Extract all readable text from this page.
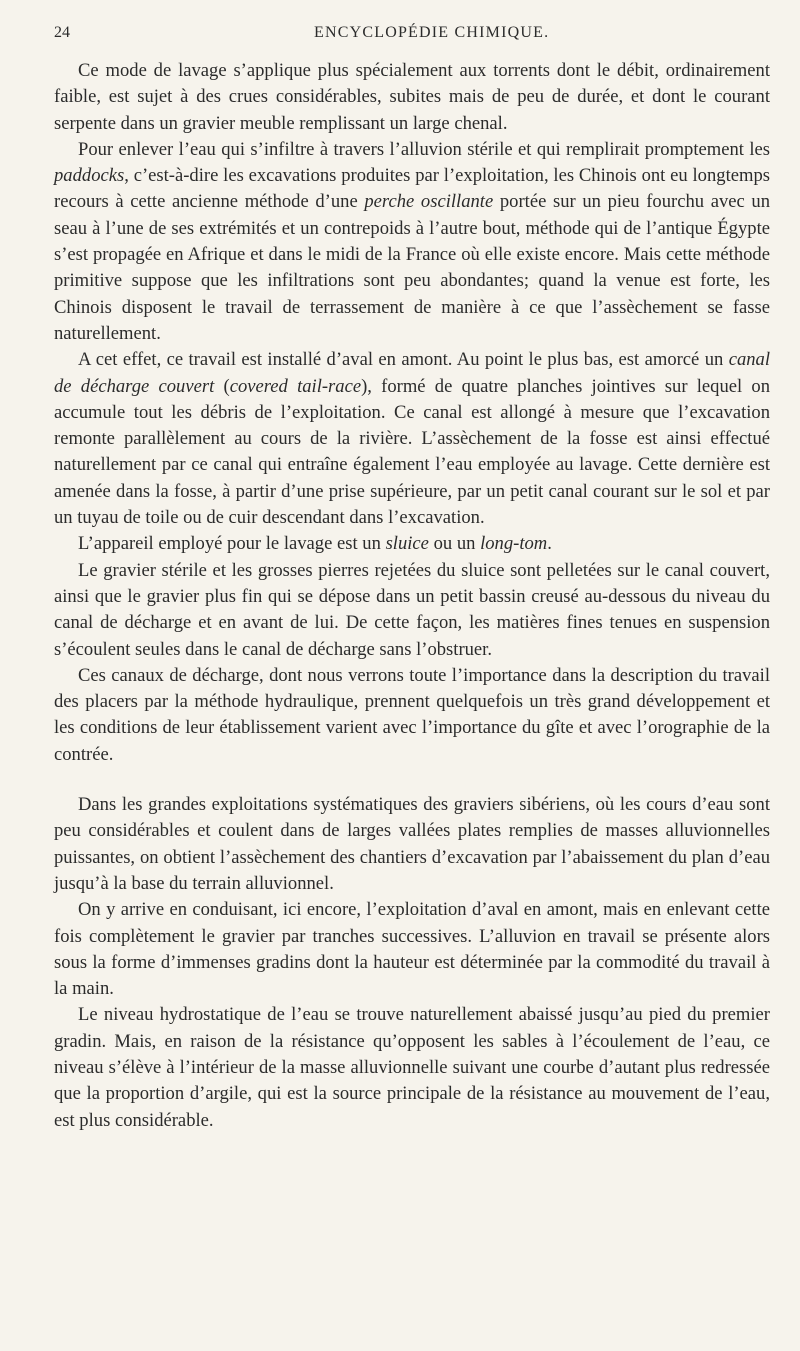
24	ENCYCLOPÉDIE CHIMIQUE.

Ce mode de lavage s’applique plus spécialement aux torrents dont le débit, ordinairement faible, est sujet à des crues considérables, subites mais de peu de durée, et dont le courant serpente dans un gravier meuble remplissant un large chenal.

Pour enlever l’eau qui s’infiltre à travers l’alluvion stérile et qui remplirait promptement les paddocks, c’est-à-dire les excavations produites par l’exploitation, les Chinois ont eu longtemps recours à cette ancienne méthode d’une perche oscillante portée sur un pieu fourchu avec un seau à l’une de ses extrémités et un contrepoids à l’autre bout, méthode qui de l’antique Égypte s’est propagée en Afrique et dans le midi de la France où elle existe encore. Mais cette méthode primitive suppose que les infiltrations sont peu abondantes; quand la venue est forte, les Chinois disposent le travail de terrassement de manière à ce que l’assèchement se fasse naturellement.

A cet effet, ce travail est installé d’aval en amont. Au point le plus bas, est amorcé un canal de décharge couvert (covered tail-race), formé de quatre planches jointives sur lequel on accumule tout les débris de l’exploitation. Ce canal est allongé à mesure que l’excavation remonte parallèlement au cours de la rivière. L’assèchement de la fosse est ainsi effectué naturellement par ce canal qui entraîne également l’eau employée au lavage. Cette dernière est amenée dans la fosse, à partir d’une prise supérieure, par un petit canal courant sur le sol et par un tuyau de toile ou de cuir descendant dans l’excavation.

L’appareil employé pour le lavage est un sluice ou un long-tom.

Le gravier stérile et les grosses pierres rejetées du sluice sont pelletées sur le canal couvert, ainsi que le gravier plus fin qui se dépose dans un petit bassin creusé au-dessous du niveau du canal de décharge et en avant de lui. De cette façon, les matières fines tenues en suspension s’écoulent seules dans le canal de décharge sans l’obstruer.

Ces canaux de décharge, dont nous verrons toute l’importance dans la description du travail des placers par la méthode hydraulique, prennent quelquefois un très grand développement et les conditions de leur établissement varient avec l’importance du gîte et avec l’orographie de la contrée.

Dans les grandes exploitations systématiques des graviers sibériens, où les cours d’eau sont peu considérables et coulent dans de larges vallées plates remplies de masses alluvionnelles puissantes, on obtient l’assèchement des chantiers d’excavation par l’abaissement du plan d’eau jusqu’à la base du terrain alluvionnel.

On y arrive en conduisant, ici encore, l’exploitation d’aval en amont, mais en enlevant cette fois complètement le gravier par tranches successives. L’alluvion en travail se présente alors sous la forme d’immenses gradins dont la hauteur est déterminée par la commodité du travail à la main.

Le niveau hydrostatique de l’eau se trouve naturellement abaissé jusqu’au pied du premier gradin. Mais, en raison de la résistance qu’opposent les sables à l’écoulement de l’eau, ce niveau s’élève à l’intérieur de la masse alluvionnelle suivant une courbe d’autant plus redressée que la proportion d’argile, qui est la source principale de la résistance au mouvement de l’eau, est plus considérable.
